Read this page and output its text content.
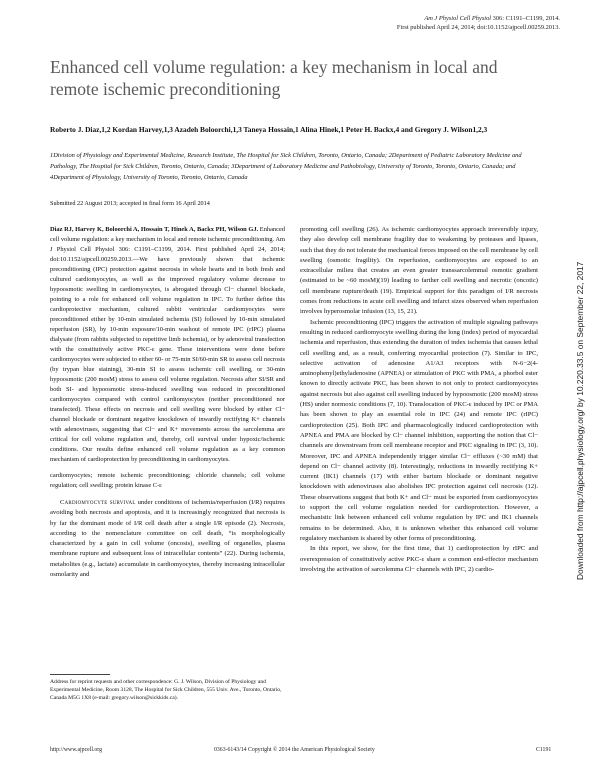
Am J Physiol Cell Physiol 306: C1191–C1199, 2014.
First published April 24, 2014; doi:10.1152/ajpcell.00259.2013.
Enhanced cell volume regulation: a key mechanism in local and remote ischemic preconditioning
Roberto J. Diaz,1,2 Kordan Harvey,1,3 Azadeh Boloorchi,1,3 Taneya Hossain,1 Alina Hinek,1 Peter H. Backx,4 and Gregory J. Wilson1,2,3
1Division of Physiology and Experimental Medicine, Research Institute, The Hospital for Sick Children, Toronto, Ontario, Canada; 2Department of Pediatric Laboratory Medicine and Pathology, The Hospital for Sick Children, Toronto, Ontario, Canada; 3Department of Laboratory Medicine and Pathobiology, University of Toronto, Toronto, Ontario, Canada; and 4Department of Physiology, University of Toronto, Toronto, Ontario, Canada
Submitted 22 August 2013; accepted in final form 16 April 2014

Diaz RJ, Harvey K, Boloorchi A, Hossain T, Hinek A, Backx PH, Wilson GJ. Enhanced cell volume regulation: a key mechanism in local and remote ischemic preconditioning. Am J Physiol Cell Physiol 306: C1191–C1199, 2014. First published April 24, 2014; doi:10.1152/ajpcell.00259.2013.—We have previously shown that ischemic preconditioning (IPC) protection against necrosis in whole hearts and in both fresh and cultured cardiomyocytes, as well as the improved regulatory volume decrease to hypoosmotic swelling in cardiomyocytes, is abrogated through Cl− channel blockade, pointing to a role for enhanced cell volume regulation in IPC. To further define this cardioprotective mechanism, cultured rabbit ventricular cardiomyocytes were preconditioned either by 10-min simulated ischemia (SI) followed by 10-min simulated reperfusion (SR), by 10-min exposure/10-min washout of remote IPC (rIPC) plasma dialysate (from rabbits subjected to repetitive limb ischemia), or by adenoviral transfection with the constitutively active PKC-ε gene. These interventions were done before cardiomyocytes were subjected to either 60- or 75-min SI/60-min SR to assess cell necrosis (by trypan blue staining), 30-min SI to assess ischemic cell swelling, or 30-min hypoosmotic (200 mosM) stress to assess cell volume regulation. Necrosis after SI/SR and both SI- and hypoosmotic stress-induced swelling was reduced in preconditioned cardiomyocytes compared with control cardiomyocytes (neither preconditioned nor transfected). These effects on necrosis and cell swelling were blocked by either Cl− channel blockade or dominant negative knockdown of inwardly rectifying K+ channels with adenoviruses, suggesting that Cl− and K+ movements across the sarcolemma are critical for cell volume regulation and, thereby, cell survival under hypoxic/ischemic conditions. Our results define enhanced cell volume regulation as a key common mechanism of cardioprotection by preconditioning in cardiomyocytes.

cardiomyocytes; remote ischemic preconditioning; chloride channels; cell volume regulation; cell swelling; protein kinase C-ε

Cardiomyocyte survival under conditions of ischemia/reperfusion (I/R) requires avoiding both necrosis and apoptosis, and it is increasingly recognized that necrosis is by far the dominant mode of I/R cell death after a single I/R episode (2). Necrosis, according to the nomenclature committee on cell death, “is morphologically characterized by a gain in cell volume (oncosis), swelling of organelles, plasma membrane rupture and subsequent loss of intracellular contents” (22). During ischemia, metabolites (e.g., lactate) accumulate in cardiomyocytes, thereby increasing intracellular osmolarity and

promoting cell swelling (26). As ischemic cardiomyocytes approach irreversibly injury, they also develop cell membrane fragility due to weakening by proteases and lipases, such that they do not tolerate the mechanical forces imposed on the cell membrane by cell swelling (osmotic fragility). On reperfusion, cardiomyocytes are exposed to an extracellular milieu that creates an even greater transsarcolemmal osmotic gradient (estimated to be ~60 mosM)(19) leading to farther cell swelling and necrotic (oncotic) cell membrane rupture/death (19). Empirical support for this paradigm of I/R necrosis comes from reductions in acute cell swelling and infarct sizes observed when reperfusion involves hyperosmolar infusion (13, 15, 21).

Ischemic preconditioning (IPC) triggers the activation of multiple signaling pathways resulting in reduced cardiomyocyte swelling during the long (index) period of myocardial ischemia and reperfusion, thus extending the duration of index ischemia that causes lethal cell swelling and, as a result, conferring myocardial protection (7). Similar to IPC, selective activation of adenosine A1/A3 receptors with N-6−2(4-aminophenyl)ethyladenosine (APNEA) or stimulation of PKC with PMA, a phorbol ester known to directly activate PKC, has been shown to not only to protect cardiomyocytes against necrosis but also against cell swelling induced by hypoosmotic (200 mosM) stress (HS) under normoxic conditions (7, 10). Translocation of PKC-ε induced by IPC or PMA has been shown to play an essential role in IPC (24) and remote IPC (rIPC) cardioprotection (25). Both IPC and pharmacologically induced cardioprotection with APNEA and PMA are blocked by Cl− channel inhibition, supporting the notion that Cl− channels are downstream from cell membrane receptor and PKC signaling in IPC (3, 10). Moreover, IPC and APNEA independently trigger similar Cl− effluxes (~30 mM) that depend on Cl− channel activity (8). Interestingly, reductions in inwardly rectifying K+ current (IK1) channels (17) with either barium blockade or dominant negative knockdown with adenoviruses also abolishes IPC protection against cell necrosis (12). These observations suggest that both K+ and Cl− must be exported from cardiomyocytes to support the cell volume regulation needed for cardioprotection. However, a mechanistic link between enhanced cell volume regulation by IPC and IK1 channels remains to be determined. Also, it is unknown whether this enhanced cell volume regulatory mechanism is shared by other forms of preconditioning.

In this report, we show, for the first time, that 1) cardioprotection by rIPC and overexpression of constitutively active PKC-ε share a common end-effector mechanism involving the activation of sarcolemma Cl− channels with IPC, 2) cardio-

Address for reprint requests and other correspondence: G. J. Wilson, Division of Physiology and Experimental Medicine, Room 3128, The Hospital for Sick Children, 555 Univ. Ave., Toronto, Ontario, Canada M5G 1X8 (e-mail: gregory.wilson@sickkids.ca).
http://www.ajpcell.org	0363-6143/14 Copyright © 2014 the American Physiological Society	C1191
Downloaded from http://ajpcell.physiology.org/ by 10.220.33.5 on September 22, 2017
